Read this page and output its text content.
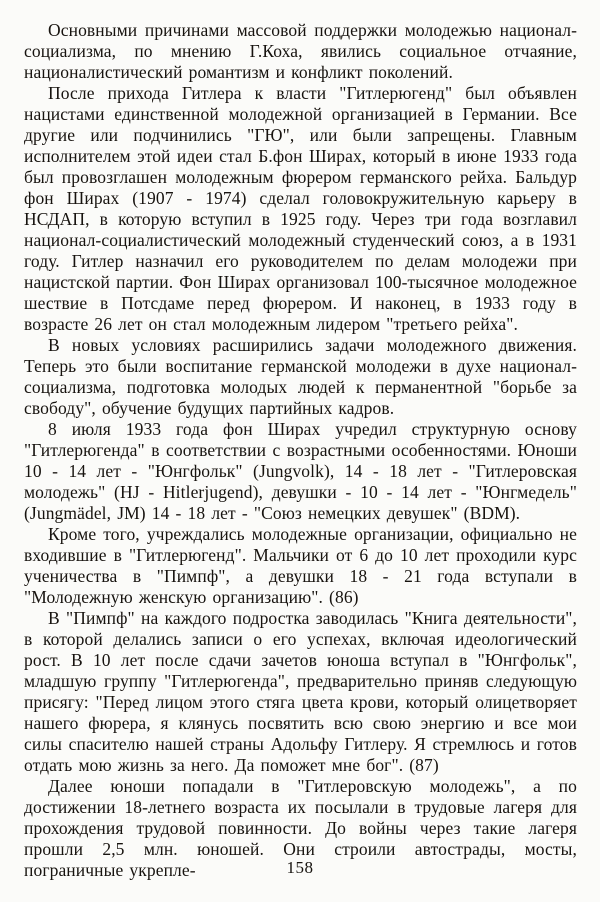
Основными причинами массовой поддержки молодежью национал-социализма, по мнению Г.Коха, явились социальное отчаяние, националистический романтизм и конфликт поколений.

После прихода Гитлера к власти "Гитлерюгенд" был объявлен нацистами единственной молодежной организацией в Германии. Все другие или подчинились "ГЮ", или были запрещены. Главным исполнителем этой идеи стал Б.фон Ширах, который в июне 1933 года был провозглашен молодежным фюрером германского рейха. Бальдур фон Ширах (1907 - 1974) сделал головокружительную карьеру в НСДАП, в которую вступил в 1925 году. Через три года возглавил национал-социалистический молодежный студенческий союз, а в 1931 году. Гитлер назначил его руководителем по делам молодежи при нацистской партии. Фон Ширах организовал 100-тысячное молодежное шествие в Потсдаме перед фюрером. И наконец, в 1933 году в возрасте 26 лет он стал молодежным лидером "третьего рейха".

В новых условиях расширились задачи молодежного движения. Теперь это были воспитание германской молодежи в духе национал-социализма, подготовка молодых людей к перманентной "борьбе за свободу", обучение будущих партийных кадров.

8 июля 1933 года фон Ширах учредил структурную основу "Гитлерюгенда" в соответствии с возрастными особенностями. Юноши 10 - 14 лет - "Юнгфольк" (Jungvolk), 14 - 18 лет - "Гитлеровская молодежь" (HJ - Hitlerjugend), девушки - 10 - 14 лет - "Юнгмедель" (Jungmädel, JM) 14 - 18 лет - "Союз немецких девушек" (BDM).

Кроме того, учреждались молодежные организации, официально не входившие в "Гитлерюгенд". Мальчики от 6 до 10 лет проходили курс ученичества в "Пимпф", а девушки 18 - 21 года вступали в "Молодежную женскую организацию". (86)

В "Пимпф" на каждого подростка заводилась "Книга деятельности", в которой делались записи о его успехах, включая идеологический рост. В 10 лет после сдачи зачетов юноша вступал в "Юнгфольк", младшую группу "Гитлерюгенда", предварительно приняв следующую присягу: "Перед лицом этого стяга цвета крови, который олицетворяет нашего фюрера, я клянусь посвятить всю свою энергию и все мои силы спасителю нашей страны Адольфу Гитлеру. Я стремлюсь и готов отдать мою жизнь за него. Да поможет мне бог". (87)

Далее юноши попадали в "Гитлеровскую молодежь", а по достижении 18-летнего возраста их посылали в трудовые лагеря для прохождения трудовой повинности. До войны через такие лагеря прошли 2,5 млн. юношей. Они строили автострады, мосты, пограничные укрепле-	158
